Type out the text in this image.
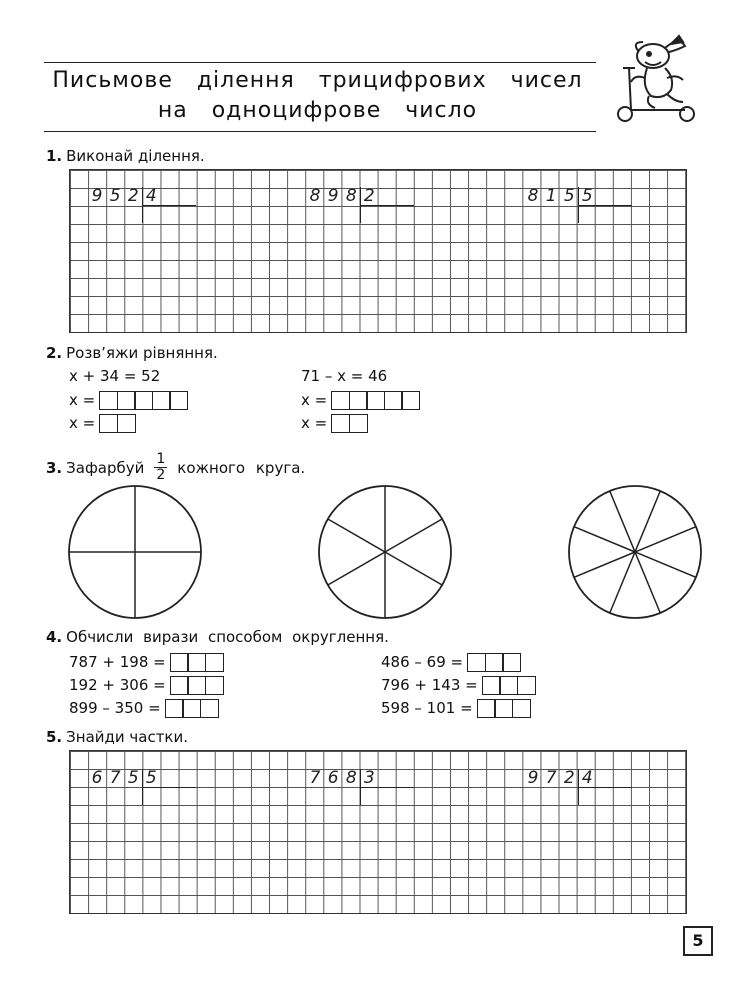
Письмове ділення трицифрових чисел
на одноцифрове число
1. Виконай ділення.
9 5 2 4	8 9 8 2	8 1 5 5
2. Розв’яжи рівняння.
x + 34 = 52
x =
x =
71 – x = 46
x =
x =
3. Зафарбуй $\frac{1}{2}$ кожного круга.
4. Обчисли вирази способом округлення.
787 + 198 =
192 + 306 =
899 – 350 =
486 – 69 =
796 + 143 =
598 – 101 =
5. Знайди частки.
6 7 5 5	7 6 8 3	9 7 2 4
5
